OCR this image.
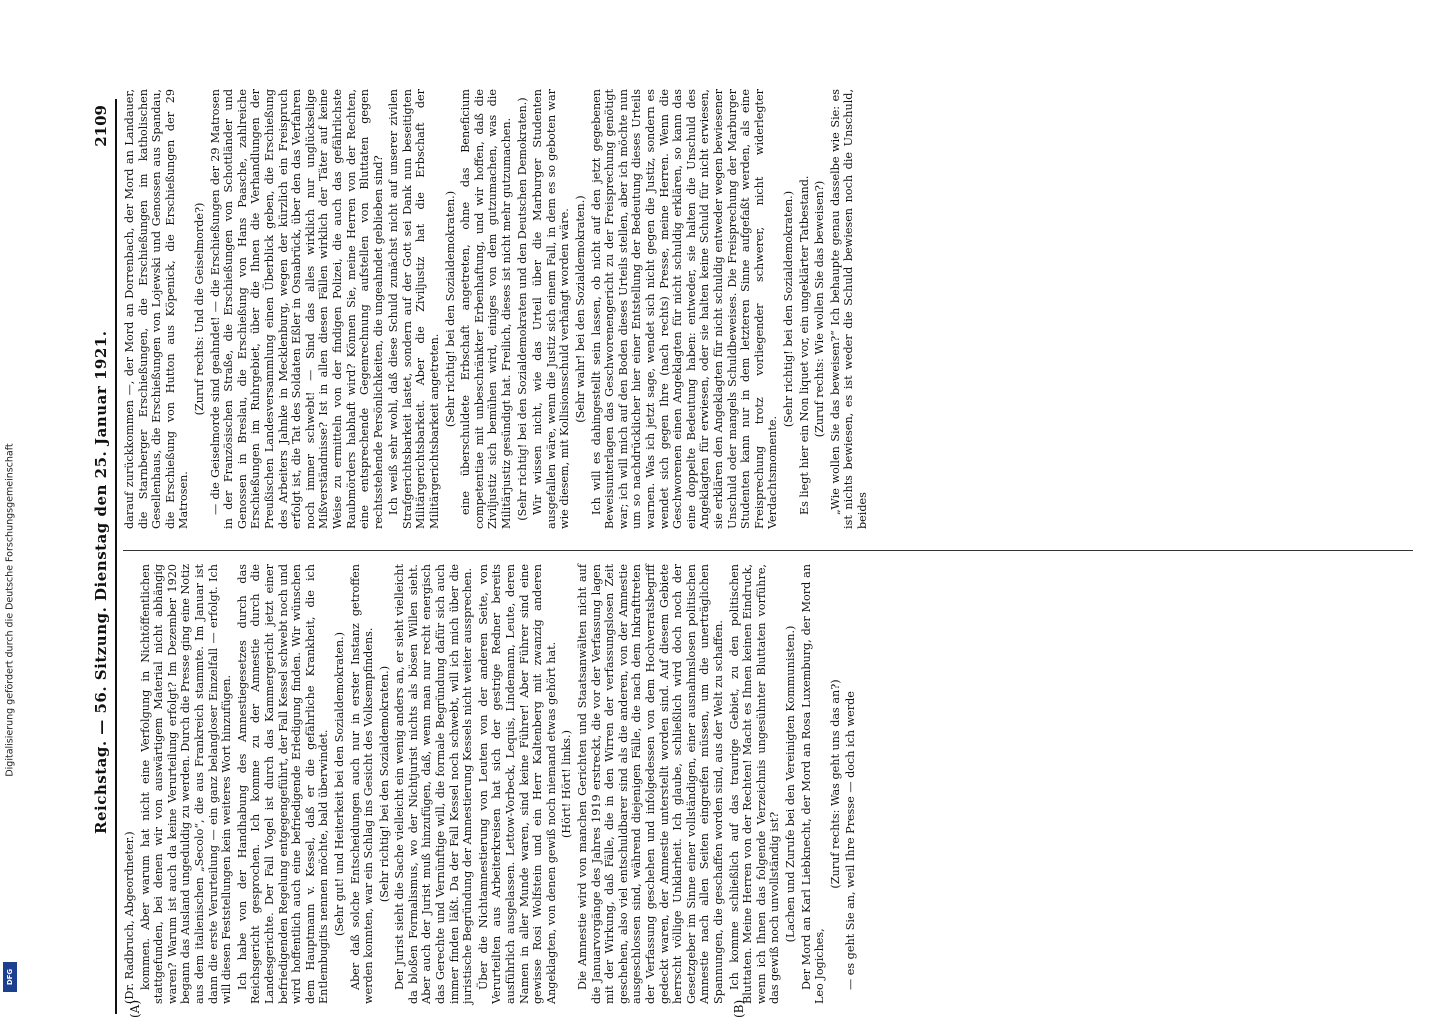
Digitalisierung gefördert durch die Deutsche Forschungsgemeinschaft
DFG
Reichstag. — 56. Sitzung. Dienstag den 25. Januar 1921.
2109
(A)	(B)

(Dr. Radbruch, Abgeordneter.) kommen. Aber warum hat nicht eine Verfolgung in Nichtöffentlichen stattgefunden, bei denen wir von auswärtigem Material nicht abhängig waren? Warum ist auch da keine Verurteilung erfolgt? Im Dezember 1920 begann das Ausland ungeduldig zu werden. Durch die Presse ging eine Notiz aus dem italienischen „Secolo“, die aus Frankreich stammte. Im Januar ist dann die erste Verurteilung — ein ganz belangloser Einzelfall — erfolgt. Ich will diesen Feststellungen kein weiteres Wort hinzufügen. Ich habe von der Handhabung des Amnestiegesetzes durch das Reichsgericht gesprochen. Ich komme zu der Amnestie durch die Landesgerichte. Der Fall Vogel ist durch das Kammergericht jetzt einer befriedigenden Regelung entgegengeführt, der Fall Kessel schwebt noch und wird hoffentlich auch eine befriedigende Erledigung finden. Wir wünschen dem Hauptmann v. Kessel, daß er die gefährliche Krankheit, die ich Entlembugitis nennen möchte, bald überwindet. (Sehr gut! und Heiterkeit bei den Sozialdemokraten.) Aber daß solche Entscheidungen auch nur in erster Instanz getroffen werden konnten, war ein Schlag ins Gesicht des Volksempfindens. (Sehr richtig! bei den Sozialdemokraten.) Der Jurist sieht die Sache vielleicht ein wenig anders an, er sieht vielleicht da bloßen Formalismus, wo der Nichtjurist nichts als bösen Willen sieht. Aber auch der Jurist muß hinzufügen, daß, wenn man nur recht energisch das Gerechte und Vernünftige will, die formale Begründung dafür sich auch immer finden läßt. Da der Fall Kessel noch schwebt, will ich mich über die juristische Begründung der Amnestierung Kessels nicht weiter aussprechen. Über die Nichtamnestierung von Leuten von der anderen Seite, von Verurteilten aus Arbeiterkreisen hat sich der gestrige Redner bereits ausführlich ausgelassen. Lettow-Vorbeck, Lequis, Lindemann, Leute, deren Namen in aller Munde waren, sind keine Führer! Aber Führer sind eine gewisse Rosi Wolfstein und ein Herr Kaltenberg mit zwanzig anderen Angeklagten, von denen gewiß noch niemand etwas gehört hat. (Hört! Hört! links.) Die Amnestie wird von manchen Gerichten und Staatsanwälten nicht auf die Januarvorgänge des Jahres 1919 erstreckt, die vor der Verfassung lagen mit der Wirkung, daß Fälle, die in den Wirren der verfassungslosen Zeit geschehen, also viel entschuldbarer sind als die anderen, von der Amnestie ausgeschlossen sind, während diejenigen Fälle, die nach dem Inkrafttreten der Verfassung geschehen und infolgedessen von dem Hochverratsbegriff gedeckt waren, der Amnestie unterstellt worden sind. Auf diesem Gebiete herrscht völlige Unklarheit. Ich glaube, schließlich wird doch noch der Gesetzgeber im Sinne einer vollständigen, einer ausnahmslosen politischen Amnestie nach allen Seiten eingreifen müssen, um die unerträglichen Spannungen, die geschaffen worden sind, aus der Welt zu schaffen. Ich komme schließlich auf das traurige Gebiet, zu den politischen Bluttaten. Meine Herren von der Rechten! Macht es Ihnen keinen Eindruck, wenn ich Ihnen das folgende Verzeichnis ungesühnter Bluttaten vorführe, das gewiß noch unvollständig ist? (Lachen und Zurufe bei den Vereinigten Kommunisten.) Der Mord an Karl Liebknecht, der Mord an Rosa Luxemburg, der Mord an Leo Jogiches,

(Zuruf rechts: Was geht uns das an?) — es geht Sie an, weil Ihre Presse — doch ich werde

darauf zurückkommen —, der Mord an Dorrenbach, der Mord an Landauer, die Starnberger Erschießungen, die Erschießungen im katholischen Gesellenhaus, die Erschießungen von Lojewski und Genossen aus Spandau, die Erschießung von Hutton aus Köpenick, die Erschießungen der 29 Matrosen.

(Zuruf rechts: Und die Geiselmorde?) — die Geiselmorde sind geahndet! — die Erschießungen der 29 Matrosen in der Französischen Straße, die Erschießungen von Schottländer und Genossen in Breslau, die Erschießung von Hans Paasche, zahlreiche Erschießungen im Ruhrgebiet, über die Ihnen die Verhandlungen der Preußischen Landesversammlung einen Überblick geben, die Erschießung des Arbeiters Jahnke in Mecklenburg, wegen der kürzlich ein Freispruch erfolgt ist, die Tat des Soldaten Eßler in Osnabrück, über den das Verfahren noch immer schwebt! — Sind das alles wirklich nur unglückselige Mißverständnisse? Ist in allen diesen Fällen wirklich der Täter auf keine Weise zu ermitteln von der findigen Polizei, die auch das gefährlichste Raubmörders habhaft wird? Können Sie, meine Herren von der Rechten, eine entsprechende Gegenrechnung aufstellen von Bluttaten gegen rechtsstehende Persönlichkeiten, die ungeahndet geblieben sind? Ich weiß sehr wohl, daß diese Schuld zunächst nicht auf unserer zivilen Strafgerichtsbarkeit lastet, sondern auf der Gott sei Dank nun beseitigten Militärgerichtsbarkeit. Aber die Ziviljustiz hat die Erbschaft der Militärgerichtsbarkeit angetreten.

(Sehr richtig! bei den Sozialdemokraten.) eine überschuldete Erbschaft angetreten, ohne das Beneficium competentiae mit unbeschränkter Erbenhaftung, und wir hoffen, daß die Ziviljustiz sich bemühen wird, einiges von dem gutzumachen, was die Militärjustiz gesündigt hat. Freilich, dieses ist nicht mehr gutzumachen. (Sehr richtig! bei den Sozialdemokraten und den Deutschen Demokraten.) Wir wissen nicht, wie das Urteil über die Marburger Studenten ausgefallen wäre, wenn die Justiz sich einem Fall, in dem es so geboten war wie diesem, mit Kollisionsschuld verhängt worden wäre. (Sehr wahr! bei den Sozialdemokraten.) Ich will es dahingestellt sein lassen, ob nicht auf den jetzt gegebenen Beweisunterlagen das Geschworenengericht zu der Freisprechung genötigt war; ich will mich auf den Boden dieses Urteils stellen, aber ich möchte nun um so nachdrücklicher hier einer Entstellung der Bedeutung dieses Urteils warnen. Was ich jetzt sage, wendet sich nicht gegen die Justiz, sondern es wendet sich gegen Ihre (nach rechts) Presse, meine Herren. Wenn die Geschworenen einen Angeklagten für nicht schuldig erklären, so kann das eine doppelte Bedeutung haben: entweder, sie halten die Unschuld des Angeklagten für erwiesen, oder sie halten keine Schuld für nicht erwiesen, sie erklären den Angeklagten für nicht schuldig entweder wegen bewiesener Unschuld oder mangels Schuldbeweises. Die Freisprechung der Marburger Studenten kann nur in dem letzteren Sinne aufgefaßt werden, als eine Freisprechung trotz vorliegender schwerer, nicht widerlegter Verdachtsmomente.

(Sehr richtig! bei den Sozialdemokraten.) Es liegt hier ein Non liquet vor, ein ungeklärter Tatbestand. (Zuruf rechts: Wie wollen Sie das beweisen?) „Wie wollen Sie das beweisen?“ Ich behaupte genau dasselbe wie Sie: es ist nichts bewiesen, es ist weder die Schuld bewiesen noch die Unschuld, beides
